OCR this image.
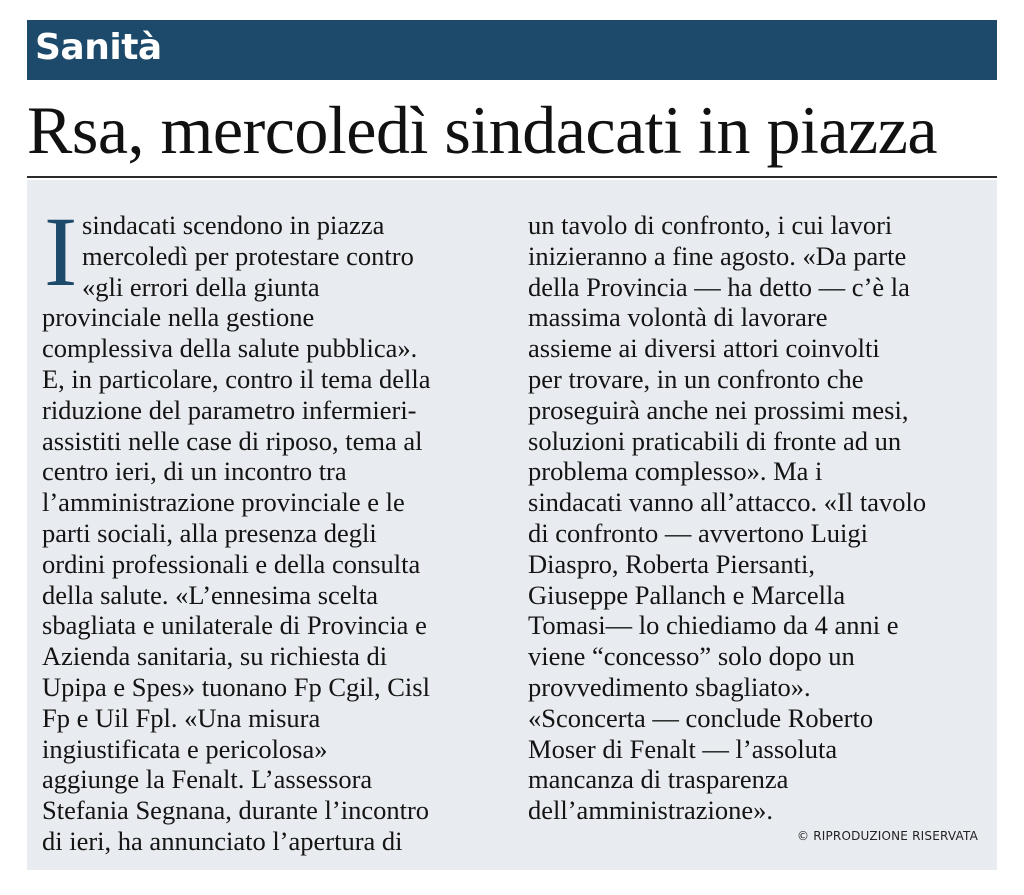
Sanità
Rsa, mercoledì sindacati in piazza
I sindacati scendono in piazza
mercoledì per protestare contro
«gli errori della giunta
provinciale nella gestione
complessiva della salute pubblica».
E, in particolare, contro il tema della
riduzione del parametro infermieri-
assistiti nelle case di riposo, tema al
centro ieri, di un incontro tra
l’amministrazione provinciale e le
parti sociali, alla presenza degli
ordini professionali e della consulta
della salute. «L’ennesima scelta
sbagliata e unilaterale di Provincia e
Azienda sanitaria, su richiesta di
Upipa e Spes» tuonano Fp Cgil, Cisl
Fp e Uil Fpl. «Una misura
ingiustificata e pericolosa»
aggiunge la Fenalt. L’assessora
Stefania Segnana, durante l’incontro
di ieri, ha annunciato l’apertura di
un tavolo di confronto, i cui lavori
inizieranno a fine agosto. «Da parte
della Provincia — ha detto — c’è la
massima volontà di lavorare
assieme ai diversi attori coinvolti
per trovare, in un confronto che
proseguirà anche nei prossimi mesi,
soluzioni praticabili di fronte ad un
problema complesso». Ma i
sindacati vanno all’attacco. «Il tavolo
di confronto — avvertono Luigi
Diaspro, Roberta Piersanti,
Giuseppe Pallanch e Marcella
Tomasi— lo chiediamo da 4 anni e
viene “concesso” solo dopo un
provvedimento sbagliato».
«Sconcerta — conclude Roberto
Moser di Fenalt — l’assoluta
mancanza di trasparenza
dell’amministrazione».
© RIPRODUZIONE RISERVATA
